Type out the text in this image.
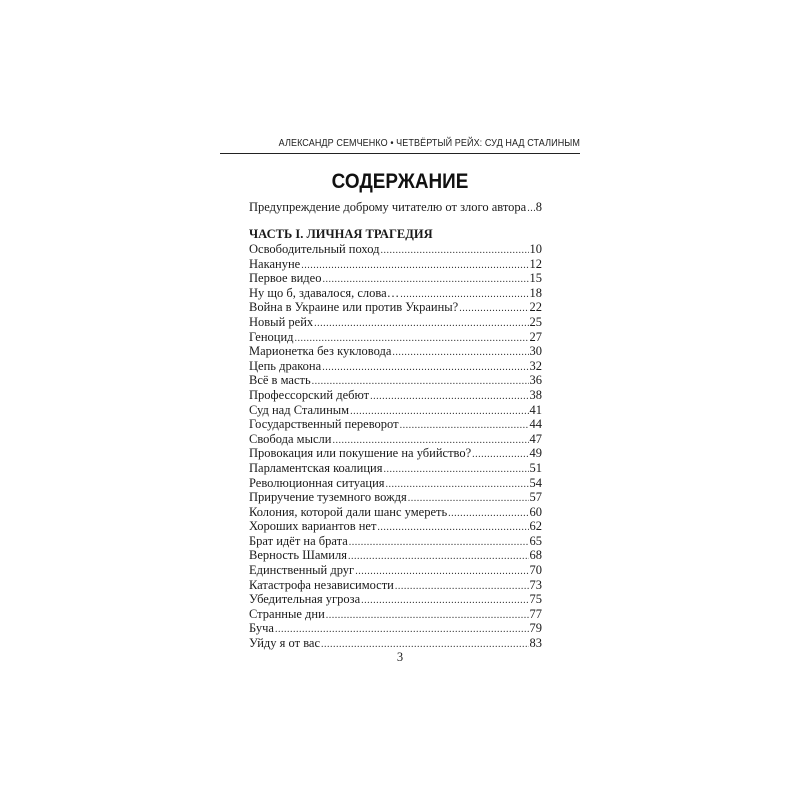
АЛЕКСАНДР СЕМЧЕНКО • ЧЕТВЁРТЫЙ РЕЙХ: СУД НАД СТАЛИНЫМ
СОДЕРЖАНИЕ
Предупреждение доброму читателю от злого автора ..... 8
ЧАСТЬ I. ЛИЧНАЯ ТРАГЕДИЯ
Освободительный поход .....	10
Накануне .....	12
Первое видео .....	15
Ну що б, здавалося, слова… .....	18
Война в Украине или против Украины? .....	22
Новый рейх .....	25
Геноцид .....	27
Марионетка без кукловода .....	30
Цепь дракона .....	32
Всё в масть .....	36
Профессорский дебют .....	38
Суд над Сталиным .....	41
Государственный переворот .....	44
Свобода мысли .....	47
Провокация или покушение на убийство? .....	49
Парламентская коалиция .....	51
Революционная ситуация .....	54
Приручение туземного вождя .....	57
Колония, которой дали шанс умереть .....	60
Хороших вариантов нет .....	62
Брат идёт на брата .....	65
Верность Шамиля .....	68
Единственный друг .....	70
Катастрофа независимости .....	73
Убедительная угроза .....	75
Странные дни .....	77
Буча .....	79
Уйду я от вас .....	83
3
